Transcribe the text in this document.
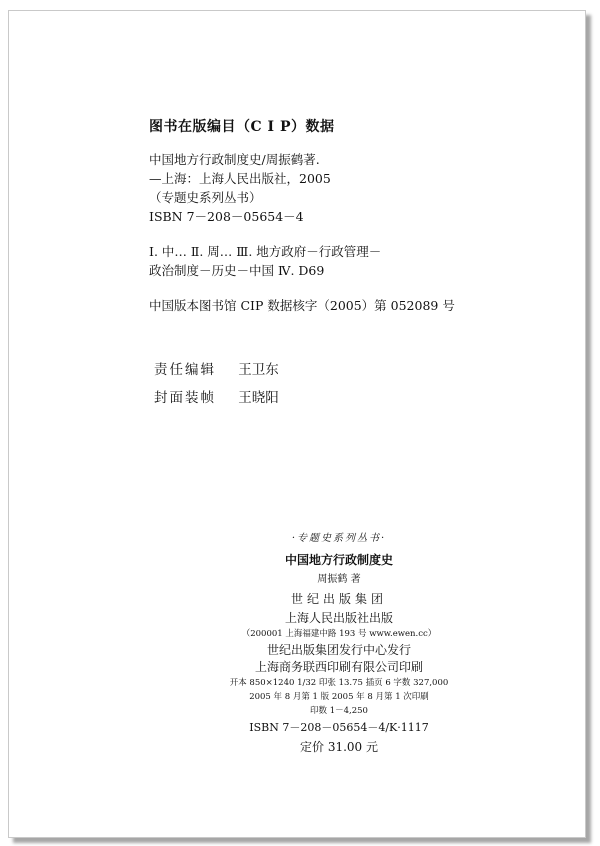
图书在版编目（C I P）数据
中国地方行政制度史/周振鹤著.
—上海：上海人民出版社，2005
（专题史系列丛书）
ISBN 7－208－05654－4
Ⅰ. 中… Ⅱ. 周… Ⅲ. 地方政府－行政管理－
政治制度－历史－中国 Ⅳ. D69
中国版本图书馆 CIP 数据核字（2005）第 052089 号
责任编辑 王卫东
封面装帧 王晓阳
·专题史系列丛书·
中国地方行政制度史
周振鹤 著
世纪出版集团
上海人民出版社出版
（200001 上海福建中路 193 号 www.ewen.cc）
世纪出版集团发行中心发行
上海商务联西印刷有限公司印刷
开本 850×1240 1/32 印张 13.75 插页 6 字数 327,000
2005 年 8 月第 1 版 2005 年 8 月第 1 次印刷
印数 1－4,250
ISBN 7－208－05654－4/K·1117
定价 31.00 元
